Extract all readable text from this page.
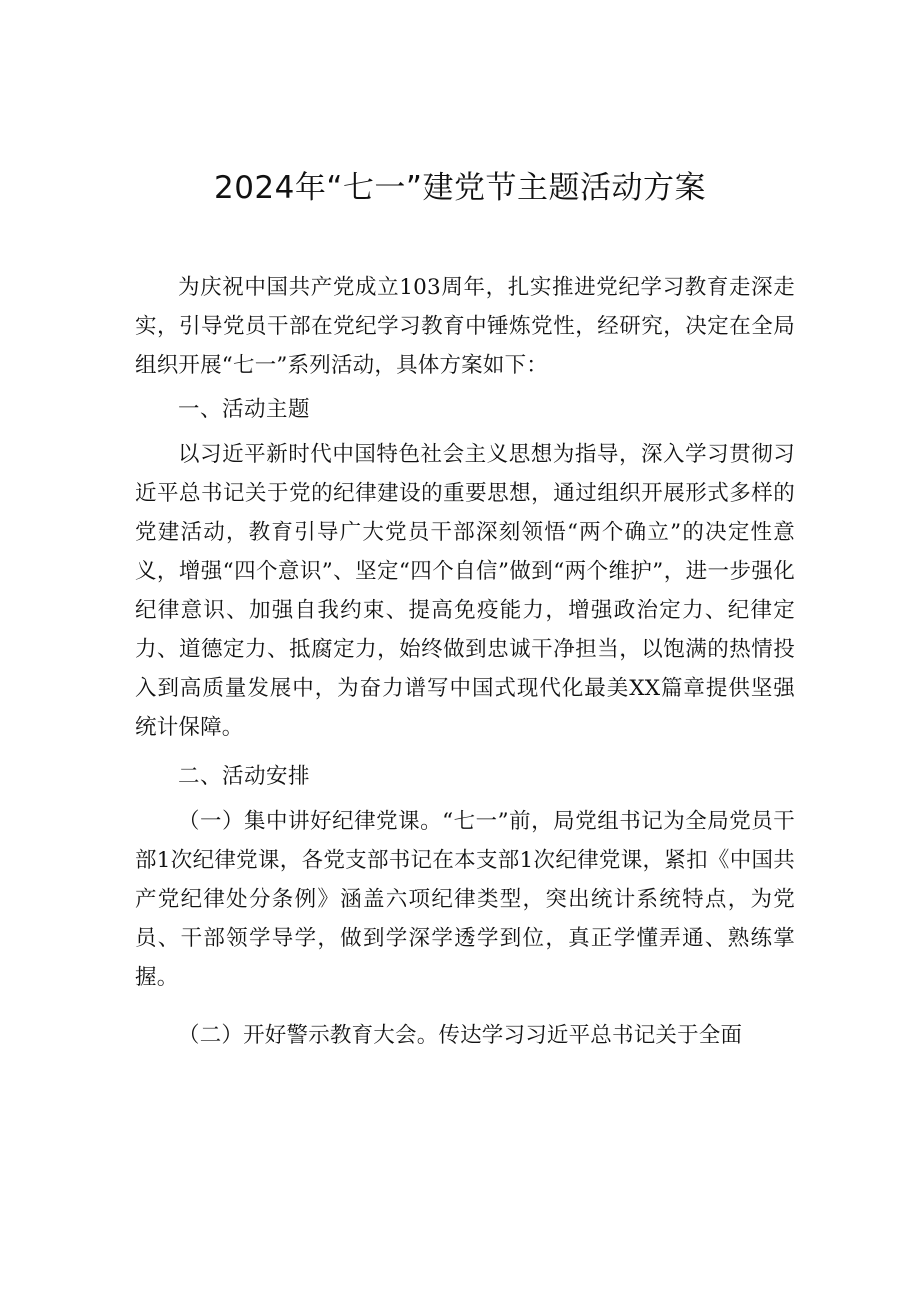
2024年“七一”建党节主题活动方案

为庆祝中国共产党成立103周年，扎实推进党纪学习教育走深走实，引导党员干部在党纪学习教育中锤炼党性，经研究，决定在全局组织开展“七一”系列活动，具体方案如下：

一、活动主题

以习近平新时代中国特色社会主义思想为指导，深入学习贯彻习近平总书记关于党的纪律建设的重要思想，通过组织开展形式多样的党建活动，教育引导广大党员干部深刻领悟“两个确立”的决定性意义，增强“四个意识”、坚定“四个自信”做到“两个维护”，进一步强化纪律意识、加强自我约束、提高免疫能力，增强政治定力、纪律定力、道德定力、抵腐定力，始终做到忠诚干净担当，以饱满的热情投入到高质量发展中，为奋力谱写中国式现代化最美XX篇章提供坚强统计保障。

二、活动安排

（一）集中讲好纪律党课。“七一”前，局党组书记为全局党员干部1次纪律党课，各党支部书记在本支部1次纪律党课，紧扣《中国共产党纪律处分条例》涵盖六项纪律类型，突出统计系统特点，为党员、干部领学导学，做到学深学透学到位，真正学懂弄通、熟练掌握。

（二）开好警示教育大会。传达学习习近平总书记关于全面
